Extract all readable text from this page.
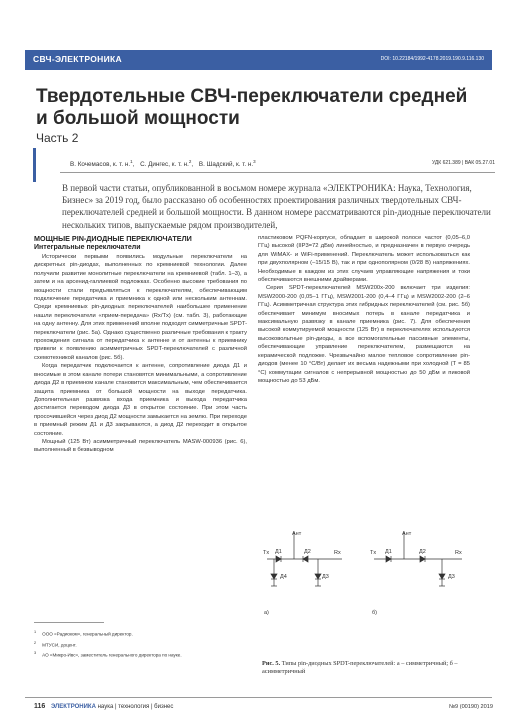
СВЧ-ЭЛЕКТРОНИКА	DOI: 10.22184/1992-4178.2019.190.9.116.130
Твердотельные СВЧ-переключатели средней и большой мощности
Часть 2
В. Кочемасов, к. т. н.$^1$, С. Дингес, к. т. н.$^2$, В. Шадский, к. т. н.$^3$	УДК 621.389 | ВАК 05.27.01
В первой части статьи, опубликованной в восьмом номере журнала «ЭЛЕКТРОНИКА: Наука, Технология, Бизнес» за 2019 год, было рассказано об особенностях проектирования различных твердотельных СВЧ-переключателей средней и большой мощности. В данном номере рассматриваются pin-диодные переключатели нескольких типов, выпускаемые рядом производителей,
МОЩНЫЕ PIN-ДИОДНЫЕ ПЕРЕКЛЮЧАТЕЛИ
Интегральные переключатели

Исторически первыми появились модульные переключатели на дискретных pin-диодах, выполненных по кремниевой технологии. Далее получили развитие монолитные переключатели на кремниевой (табл. 1–3), а затем и на арсенид-галлиевой подложках. Особенно высокие требования по мощности стали предъявляться к переключателям, обеспечивающим подключение передатчика и приемника к одной или нескольким антеннам. Среди кремниевых pin-диодных переключателей наибольшее применение нашли переключатели «прием-передача» (Rx/Tx) (см. табл. 3), работающие на одну антенну. Для этих применений вполне подходят симметричные SPDT-переключатели (рис. 5а). Однако существенно различные требования к тракту прохождения сигнала от передатчика к антенне и от антенны к приемнику привели к появлению асимметричных SPDT-переключателей с различной схемотехникой каналов (рис. 5б).

Когда передатчик подключается к антенне, сопротивление диода Д1 и вносимые в этом канале потери становятся минимальными, а сопротивление диода Д2 в приемном канале становится максимальным, чем обеспечивается защита приемника от большой мощности на выходе передатчика. Дополнительная развязка входа приемника и выхода передатчика достигается переводом диода Д3 в открытое состояние. При этом часть просочившейся через диод Д2 мощности замыкается на землю. При переходе в приемный режим Д1 и Д3 закрываются, а диод Д2 переходит в открытое состояние.

Мощный (125 Вт) асимметричный переключатель MASW-000936 (рис. 6), выполненный в безвыводном

пластиковом PQFN-корпусе, обладает в широкой полосе частот (0,05–6,0 ГГц) высокой (IIP3=72 дБм) линейностью, и предназначен в первую очередь для WiMAX- и WiFi-применений. Переключатель может использоваться как при двухполярном (–15/15 В), так и при однополярном (0/28 В) напряжениях. Необходимые в каждом из этих случаев управляющие напряжения и токи обеспечиваются внешними драйверами.

Серия SPDT-переключателей MSW200x-200 включает три изделия: MSW2000-200 (0,05–1 ГГц), MSW2001-200 (0,4–4 ГГц) и MSW2002-200 (2–6 ГГц). Асимметричная структура этих гибридных переключателей (см. рис. 5б) обеспечивает минимум вносимых потерь в канале передатчика и максимальную развязку в канале приемника (рис. 7). Для обеспечения высокой коммутируемой мощности (125 Вт) в переключателях используются высоковольтные pin-диоды, а все вспомогательные пассивные элементы, обеспечивающие управление переключателем, размещаются на керамической подложке. Чрезвычайно малое тепловое сопротивление pin-диодов (менее 10 °С/Вт) делает их весьма надежными при холодной (T = 85 °С) коммутации сигналов с непрерывной мощностью до 50 дБм и пиковой мощностью до 53 дБм.

Ант	Ант
Tx	Rx	Tx	Rx
Д1	Д2
Д4	Д3
Д1	Д2
Д3
а)	б)
Рис. 5. Типы pin-диодных SPDT-переключателей: а – симметричный; б – асимметричный
$^1$ ООО «Радиоком», генеральный директор.
$^2$ МТУСИ, доцент.
$^3$ АО «Микро-Ивс», заместитель генерального директора по науке.
116 ЭЛЕКТРОНИКА наука | технология | бизнес	№9 (00190) 2019
